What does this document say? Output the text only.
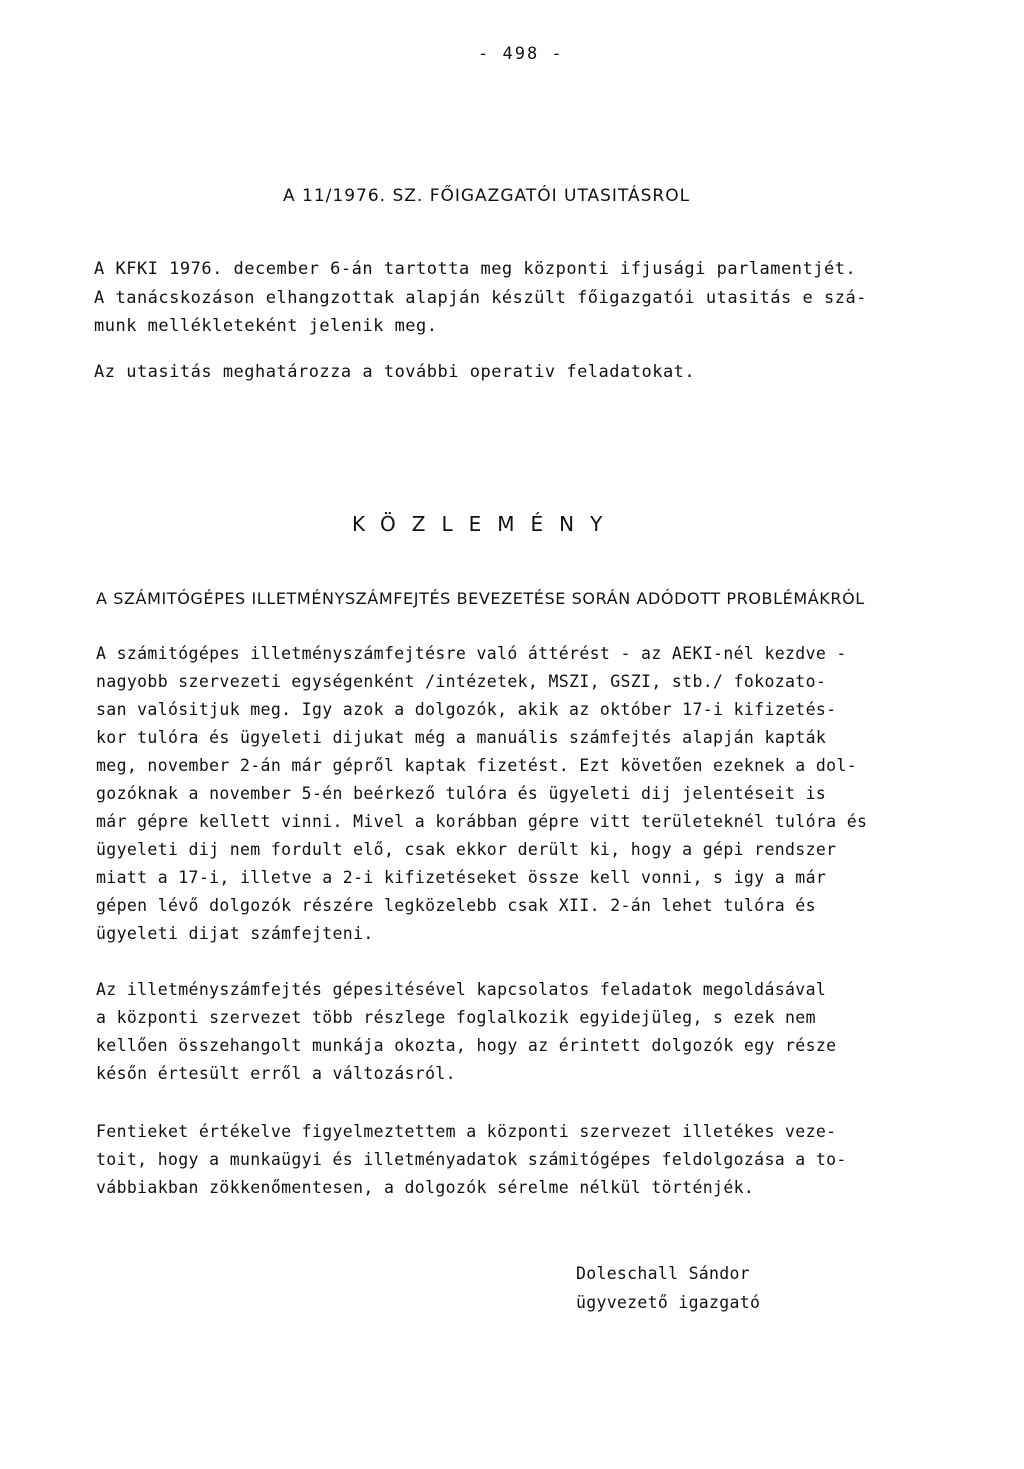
- 498 -
A 11/1976. SZ. FŐIGAZGATÓI UTASITÁSROL
A KFKI 1976. december 6-án tartotta meg központi ifjusági parlamentjét.
A tanácskozáson elhangzottak alapján készült főigazgatói utasitás e szá-
munk mellékleteként jelenik meg.
Az utasitás meghatározza a további operativ feladatokat.
KÖZLEMÉNY
A SZÁMITÓGÉPES ILLETMÉNYSZÁMFEJTÉS BEVEZETÉSE SORÁN ADÓDOTT PROBLÉMÁKRÓL
A számitógépes illetményszámfejtésre való áttérést - az AEKI-nél kezdve -
nagyobb szervezeti egységenként /intézetek, MSZI, GSZI, stb./ fokozato-
san valósitjuk meg. Igy azok a dolgozók, akik az október 17-i kifizetés-
kor tulóra és ügyeleti dijukat még a manuális számfejtés alapján kapták
meg, november 2-án már gépről kaptak fizetést. Ezt követően ezeknek a dol-
gozóknak a november 5-én beérkező tulóra és ügyeleti dij jelentéseit is
már gépre kellett vinni. Mivel a korábban gépre vitt területeknél tulóra és
ügyeleti dij nem fordult elő, csak ekkor derült ki, hogy a gépi rendszer
miatt a 17-i, illetve a 2-i kifizetéseket össze kell vonni, s igy a már
gépen lévő dolgozók részére legközelebb csak XII. 2-án lehet tulóra és
ügyeleti dijat számfejteni.
Az illetményszámfejtés gépesitésével kapcsolatos feladatok megoldásával
a központi szervezet több részlege foglalkozik egyidejüleg, s ezek nem
kellően összehangolt munkája okozta, hogy az érintett dolgozók egy része
későn értesült erről a változásról.
Fentieket értékelve figyelmeztettem a központi szervezet illetékes veze-
toit, hogy a munkaügyi és illetményadatok számitógépes feldolgozása a to-
vábbiakban zökkenőmentesen, a dolgozók sérelme nélkül történjék.
Doleschall Sándor
ügyvezető igazgató
